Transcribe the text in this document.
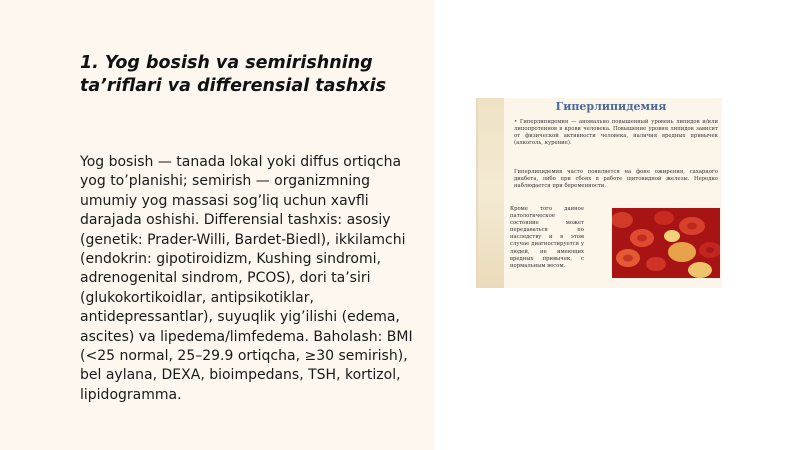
1. Yog bosish va semirishning ta’riflari va differensial tashxis

Yog bosish — tanada lokal yoki diffus ortiqcha yog to’planishi; semirish — organizmning umumiy yog massasi sog’liq uchun xavfli darajada oshishi. Differensial tashxis: asosiy (genetik: Prader-Willi, Bardet-Biedl), ikkilamchi (endokrin: gipotiroidizm, Kushing sindromi, adrenogenital sindrom, PCOS), dori ta’siri (glukokortikoidlar, antipsikotiklar, antidepressantlar), suyuqlik yig’ilishi (edema, ascites) va lipedema/limfedema. Baholash: BMI (<25 normal, 25–29.9 ortiqcha, ≥30 semirish), bel aylana, DEXA, bioimpedans, TSH, kortizol, lipidogramma.

Гиперлипидемия

• Гиперлипидемия — аномально повышенный уровень липидов и/или липопротеинов в крови человека. Повышение уровня липидов зависит от физической активности человека, наличия вредных привычек (алкоголь, курение).

Гиперлипидемия часто появляется на фоне ожирения, сахарного диабета, либо при сбоях в работе щитовидной железы. Нередко наблюдается при беременности.

Кроме того данное патологическое состояние может передаваться по наследству и в этом случае диагностируется у людей, не имеющих вредных привычек, с нормальным весом.
